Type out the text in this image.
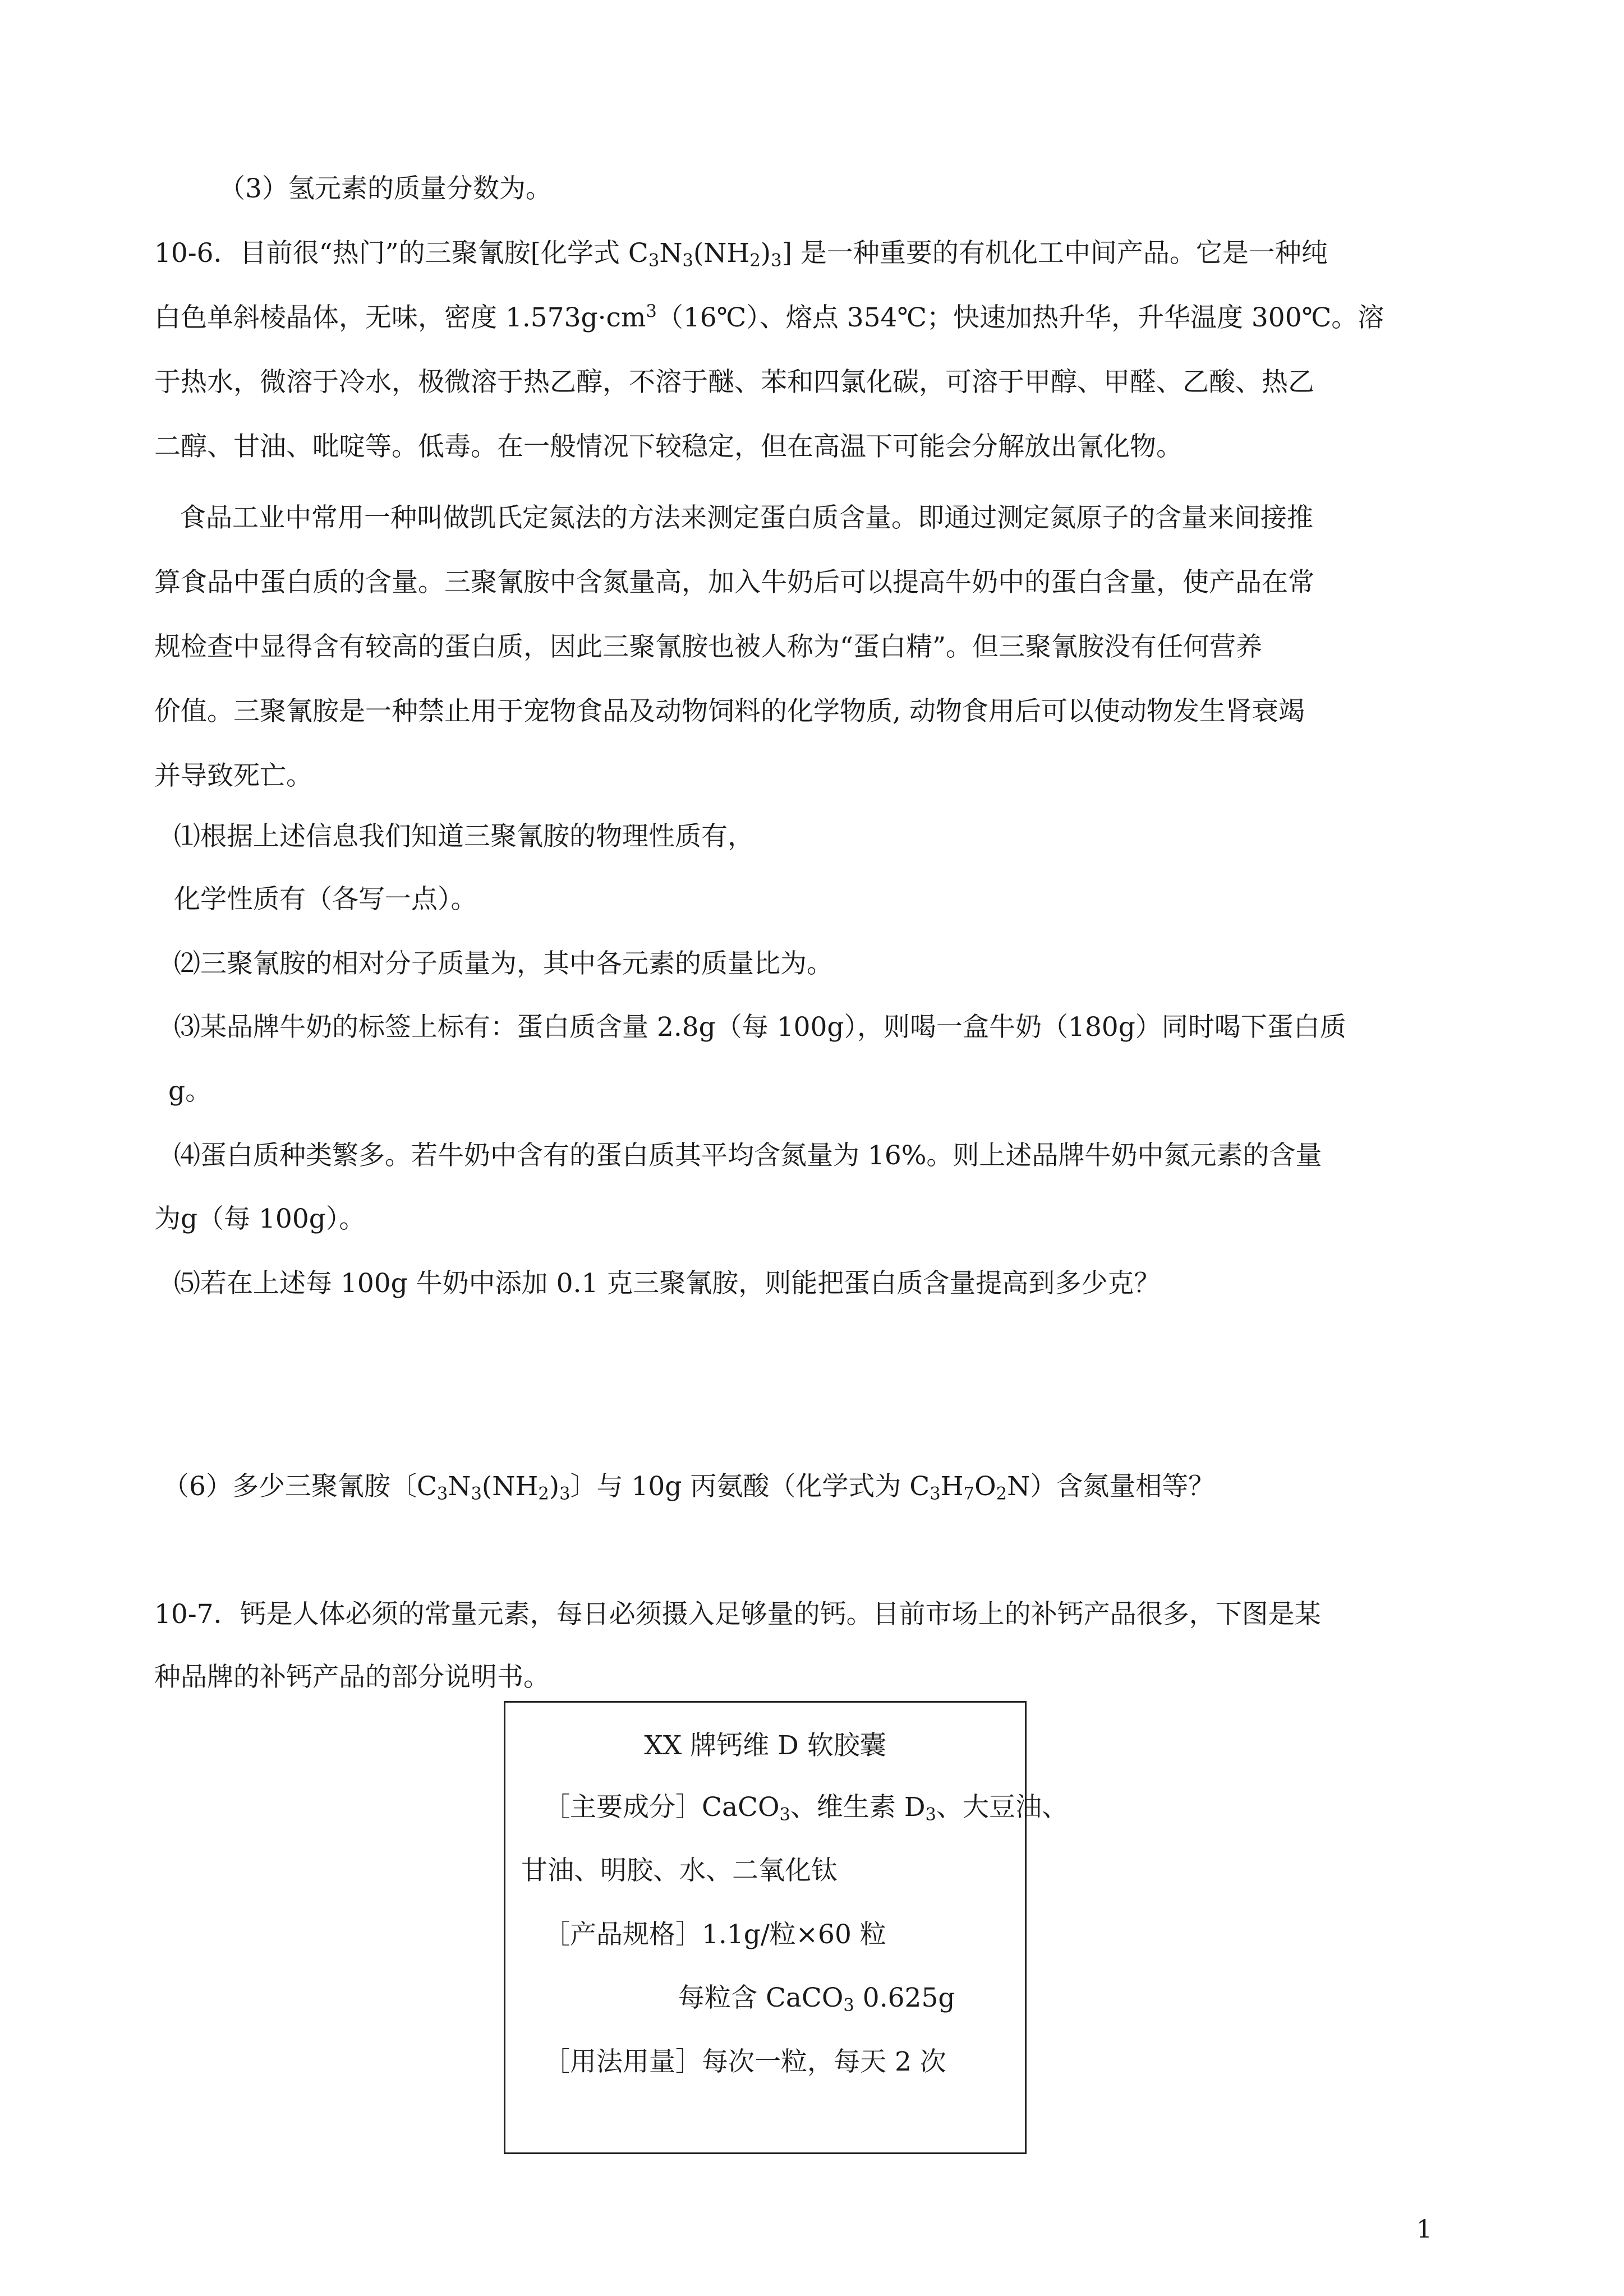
（3）氢元素的质量分数为。
10-6．目前很“热门”的三聚氰胺[化学式 $C_3N_3(NH_2)_3$] 是一种重要的有机化工中间产品。它是一种纯
白色单斜棱晶体，无味，密度 $1.573g\cdot cm^3(16℃)$、熔点 354℃；快速加热升华，升华温度 300℃。溶
于热水，微溶于冷水，极微溶于热乙醇，不溶于醚、苯和四氯化碳，可溶于甲醇、甲醛、乙酸、热乙
二醇、甘油、吡啶等。低毒。在一般情况下较稳定，但在高温下可能会分解放出氰化物。
食品工业中常用一种叫做凯氏定氮法的方法来测定蛋白质含量。即通过测定氮原子的含量来间接推
算食品中蛋白质的含量。三聚氰胺中含氮量高，加入牛奶后可以提高牛奶中的蛋白含量，使产品在常
规检查中显得含有较高的蛋白质，因此三聚氰胺也被人称为“蛋白精”。但三聚氰胺没有任何营养
价值。三聚氰胺是一种禁止用于宠物食品及动物饲料的化学物质, 动物食用后可以使动物发生肾衰竭
并导致死亡。
⑴根据上述信息我们知道三聚氰胺的物理性质有，
化学性质有（各写一点）。
⑵三聚氰胺的相对分子质量为，其中各元素的质量比为。
⑶某品牌牛奶的标签上标有：蛋白质含量 2.8g（每 100g），则喝一盒牛奶（180g）同时喝下蛋白质
g。
⑷蛋白质种类繁多。若牛奶中含有的蛋白质其平均含氮量为 16%。则上述品牌牛奶中氮元素的含量
为g（每 100g）。
⑸若在上述每 100g 牛奶中添加 0.1 克三聚氰胺，则能把蛋白质含量提高到多少克？
（6）多少三聚氰胺〔$C_3N_3(NH_2)_3$〕与 10g 丙氨酸（化学式为 $C_3H_7O_2N$）含氮量相等？
10-7．钙是人体必须的常量元素，每日必须摄入足够量的钙。目前市场上的补钙产品很多，下图是某
种品牌的补钙产品的部分说明书。
XX 牌钙维 D 软胶囊
［主要成分］CaCO$_3$、维生素 $D_3$、大豆油、
甘油、明胶、水、二氧化钛
［产品规格］1.1g/粒×60 粒
每粒含 CaCO$_3$ 0.625g
［用法用量］每次一粒，每天 2 次
1
